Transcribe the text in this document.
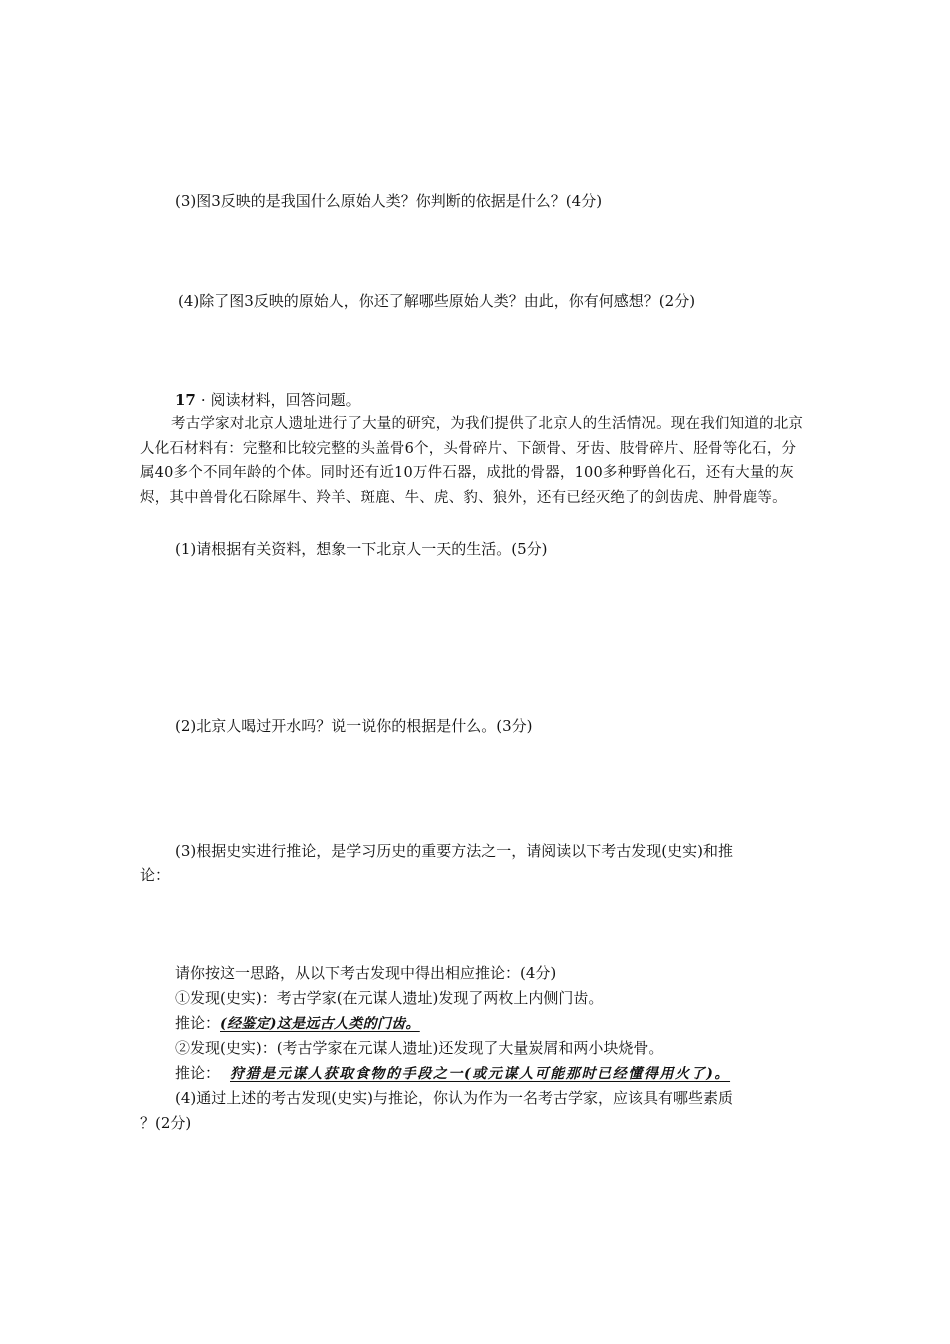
(3)图3反映的是我国什么原始人类？你判断的依据是什么？(4分)
(4)除了图3反映的原始人，你还了解哪些原始人类？由此，你有何感想？(2分)
17 · 阅读材料，回答问题。
考古学家对北京人遗址进行了大量的研究，为我们提供了北京人的生活情况。现在我们知道的北京人化石材料有：完整和比较完整的头盖骨6个，头骨碎片、下颌骨、牙齿、肢骨碎片、胫骨等化石，分属40多个不同年龄的个体。同时还有近10万件石器，成批的骨器，100多种野兽化石，还有大量的灰烬，其中兽骨化石除犀牛、羚羊、斑鹿、牛、虎、豹、狼外，还有已经灭绝了的剑齿虎、肿骨鹿等。
(1)请根据有关资料，想象一下北京人一天的生活。(5分)
(2)北京人喝过开水吗？说一说你的根据是什么。(3分)
(3)根据史实进行推论，是学习历史的重要方法之一，请阅读以下考古发现(史实)和推
论：
请你按这一思路，从以下考古发现中得出相应推论：(4分)
①发现(史实)：考古学家(在元谋人遗址)发现了两枚上内侧门齿。
推论：(经鉴定)这是远古人类的门齿。
②发现(史实)：(考古学家在元谋人遗址)还发现了大量炭屑和两小块烧骨。
推论： 狩猎是元谋人获取食物的手段之一(或元谋人可能那时已经懂得用火了)。
(4)通过上述的考古发现(史实)与推论，你认为作为一名考古学家，应该具有哪些素质
？(2分)
